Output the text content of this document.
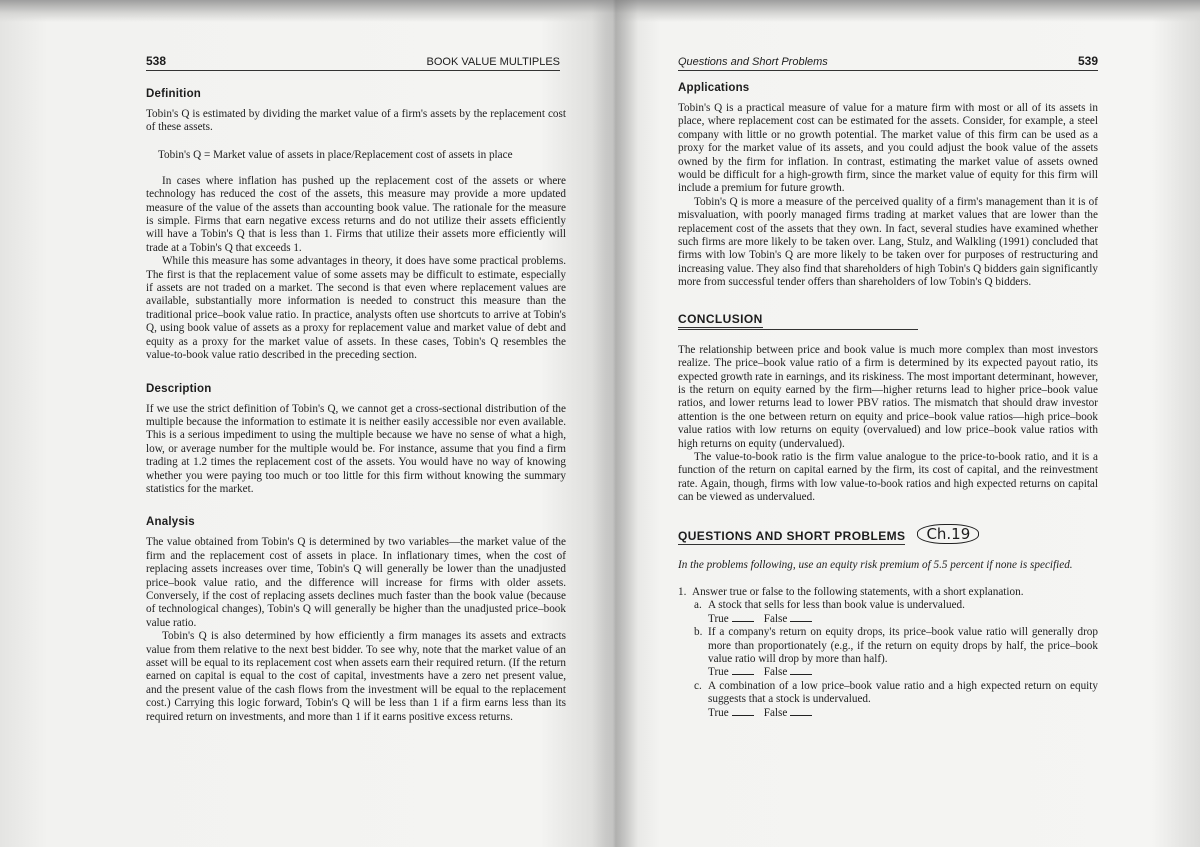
538	BOOK VALUE MULTIPLES
Definition

Tobin's Q is estimated by dividing the market value of a firm's assets by the replacement cost of these assets.

Tobin's Q = Market value of assets in place/Replacement cost of assets in place

In cases where inflation has pushed up the replacement cost of the assets or where technology has reduced the cost of the assets, this measure may provide a more updated measure of the value of the assets than accounting book value. The rationale for the measure is simple. Firms that earn negative excess returns and do not utilize their assets efficiently will have a Tobin's Q that is less than 1. Firms that utilize their assets more efficiently will trade at a Tobin's Q that exceeds 1.

While this measure has some advantages in theory, it does have some practical problems. The first is that the replacement value of some assets may be difficult to estimate, especially if assets are not traded on a market. The second is that even where replacement values are available, substantially more information is needed to construct this measure than the traditional price–book value ratio. In practice, analysts often use shortcuts to arrive at Tobin's Q, using book value of assets as a proxy for replacement value and market value of debt and equity as a proxy for the market value of assets. In these cases, Tobin's Q resembles the value-to-book value ratio described in the preceding section.

Description

If we use the strict definition of Tobin's Q, we cannot get a cross-sectional distribution of the multiple because the information to estimate it is neither easily accessible nor even available. This is a serious impediment to using the multiple because we have no sense of what a high, low, or average number for the multiple would be. For instance, assume that you find a firm trading at 1.2 times the replacement cost of the assets. You would have no way of knowing whether you were paying too much or too little for this firm without knowing the summary statistics for the market.

Analysis

The value obtained from Tobin's Q is determined by two variables—the market value of the firm and the replacement cost of assets in place. In inflationary times, when the cost of replacing assets increases over time, Tobin's Q will generally be lower than the unadjusted price–book value ratio, and the difference will increase for firms with older assets. Conversely, if the cost of replacing assets declines much faster than the book value (because of technological changes), Tobin's Q will generally be higher than the unadjusted price–book value ratio.

Tobin's Q is also determined by how efficiently a firm manages its assets and extracts value from them relative to the next best bidder. To see why, note that the market value of an asset will be equal to its replacement cost when assets earn their required return. (If the return earned on capital is equal to the cost of capital, investments have a zero net present value, and the present value of the cash flows from the investment will be equal to the replacement cost.) Carrying this logic forward, Tobin's Q will be less than 1 if a firm earns less than its required return on investments, and more than 1 if it earns positive excess returns.

Questions and Short Problems	539
Applications

Tobin's Q is a practical measure of value for a mature firm with most or all of its assets in place, where replacement cost can be estimated for the assets. Consider, for example, a steel company with little or no growth potential. The market value of this firm can be used as a proxy for the market value of its assets, and you could adjust the book value of the assets owned by the firm for inflation. In contrast, estimating the market value of assets owned would be difficult for a high-growth firm, since the market value of equity for this firm will include a premium for future growth.

Tobin's Q is more a measure of the perceived quality of a firm's management than it is of misvaluation, with poorly managed firms trading at market values that are lower than the replacement cost of the assets that they own. In fact, several studies have examined whether such firms are more likely to be taken over. Lang, Stulz, and Walkling (1991) concluded that firms with low Tobin's Q are more likely to be taken over for purposes of restructuring and increasing value. They also find that shareholders of high Tobin's Q bidders gain significantly more from successful tender offers than shareholders of low Tobin's Q bidders.

CONCLUSION

The relationship between price and book value is much more complex than most investors realize. The price–book value ratio of a firm is determined by its expected payout ratio, its expected growth rate in earnings, and its riskiness. The most important determinant, however, is the return on equity earned by the firm—higher returns lead to higher price–book value ratios, and lower returns lead to lower PBV ratios. The mismatch that should draw investor attention is the one between return on equity and price–book value ratios—high price–book value ratios with low returns on equity (overvalued) and low price–book value ratios with high returns on equity (undervalued).

The value-to-book ratio is the firm value analogue to the price-to-book ratio, and it is a function of the return on capital earned by the firm, its cost of capital, and the reinvestment rate. Again, though, firms with low value-to-book ratios and high expected returns on capital can be viewed as undervalued.

QUESTIONS AND SHORT PROBLEMS Ch.19

In the problems following, use an equity risk premium of 5.5 percent if none is specified.

1. Answer true or false to the following statements, with a short explanation.
a. A stock that sells for less than book value is undervalued.
True	False
b. If a company's return on equity drops, its price–book value ratio will generally drop more than proportionately (e.g., if the return on equity drops by half, the price–book value ratio will drop by more than half).
True	False
c. A combination of a low price–book value ratio and a high expected return on equity suggests that a stock is undervalued.
True	False
